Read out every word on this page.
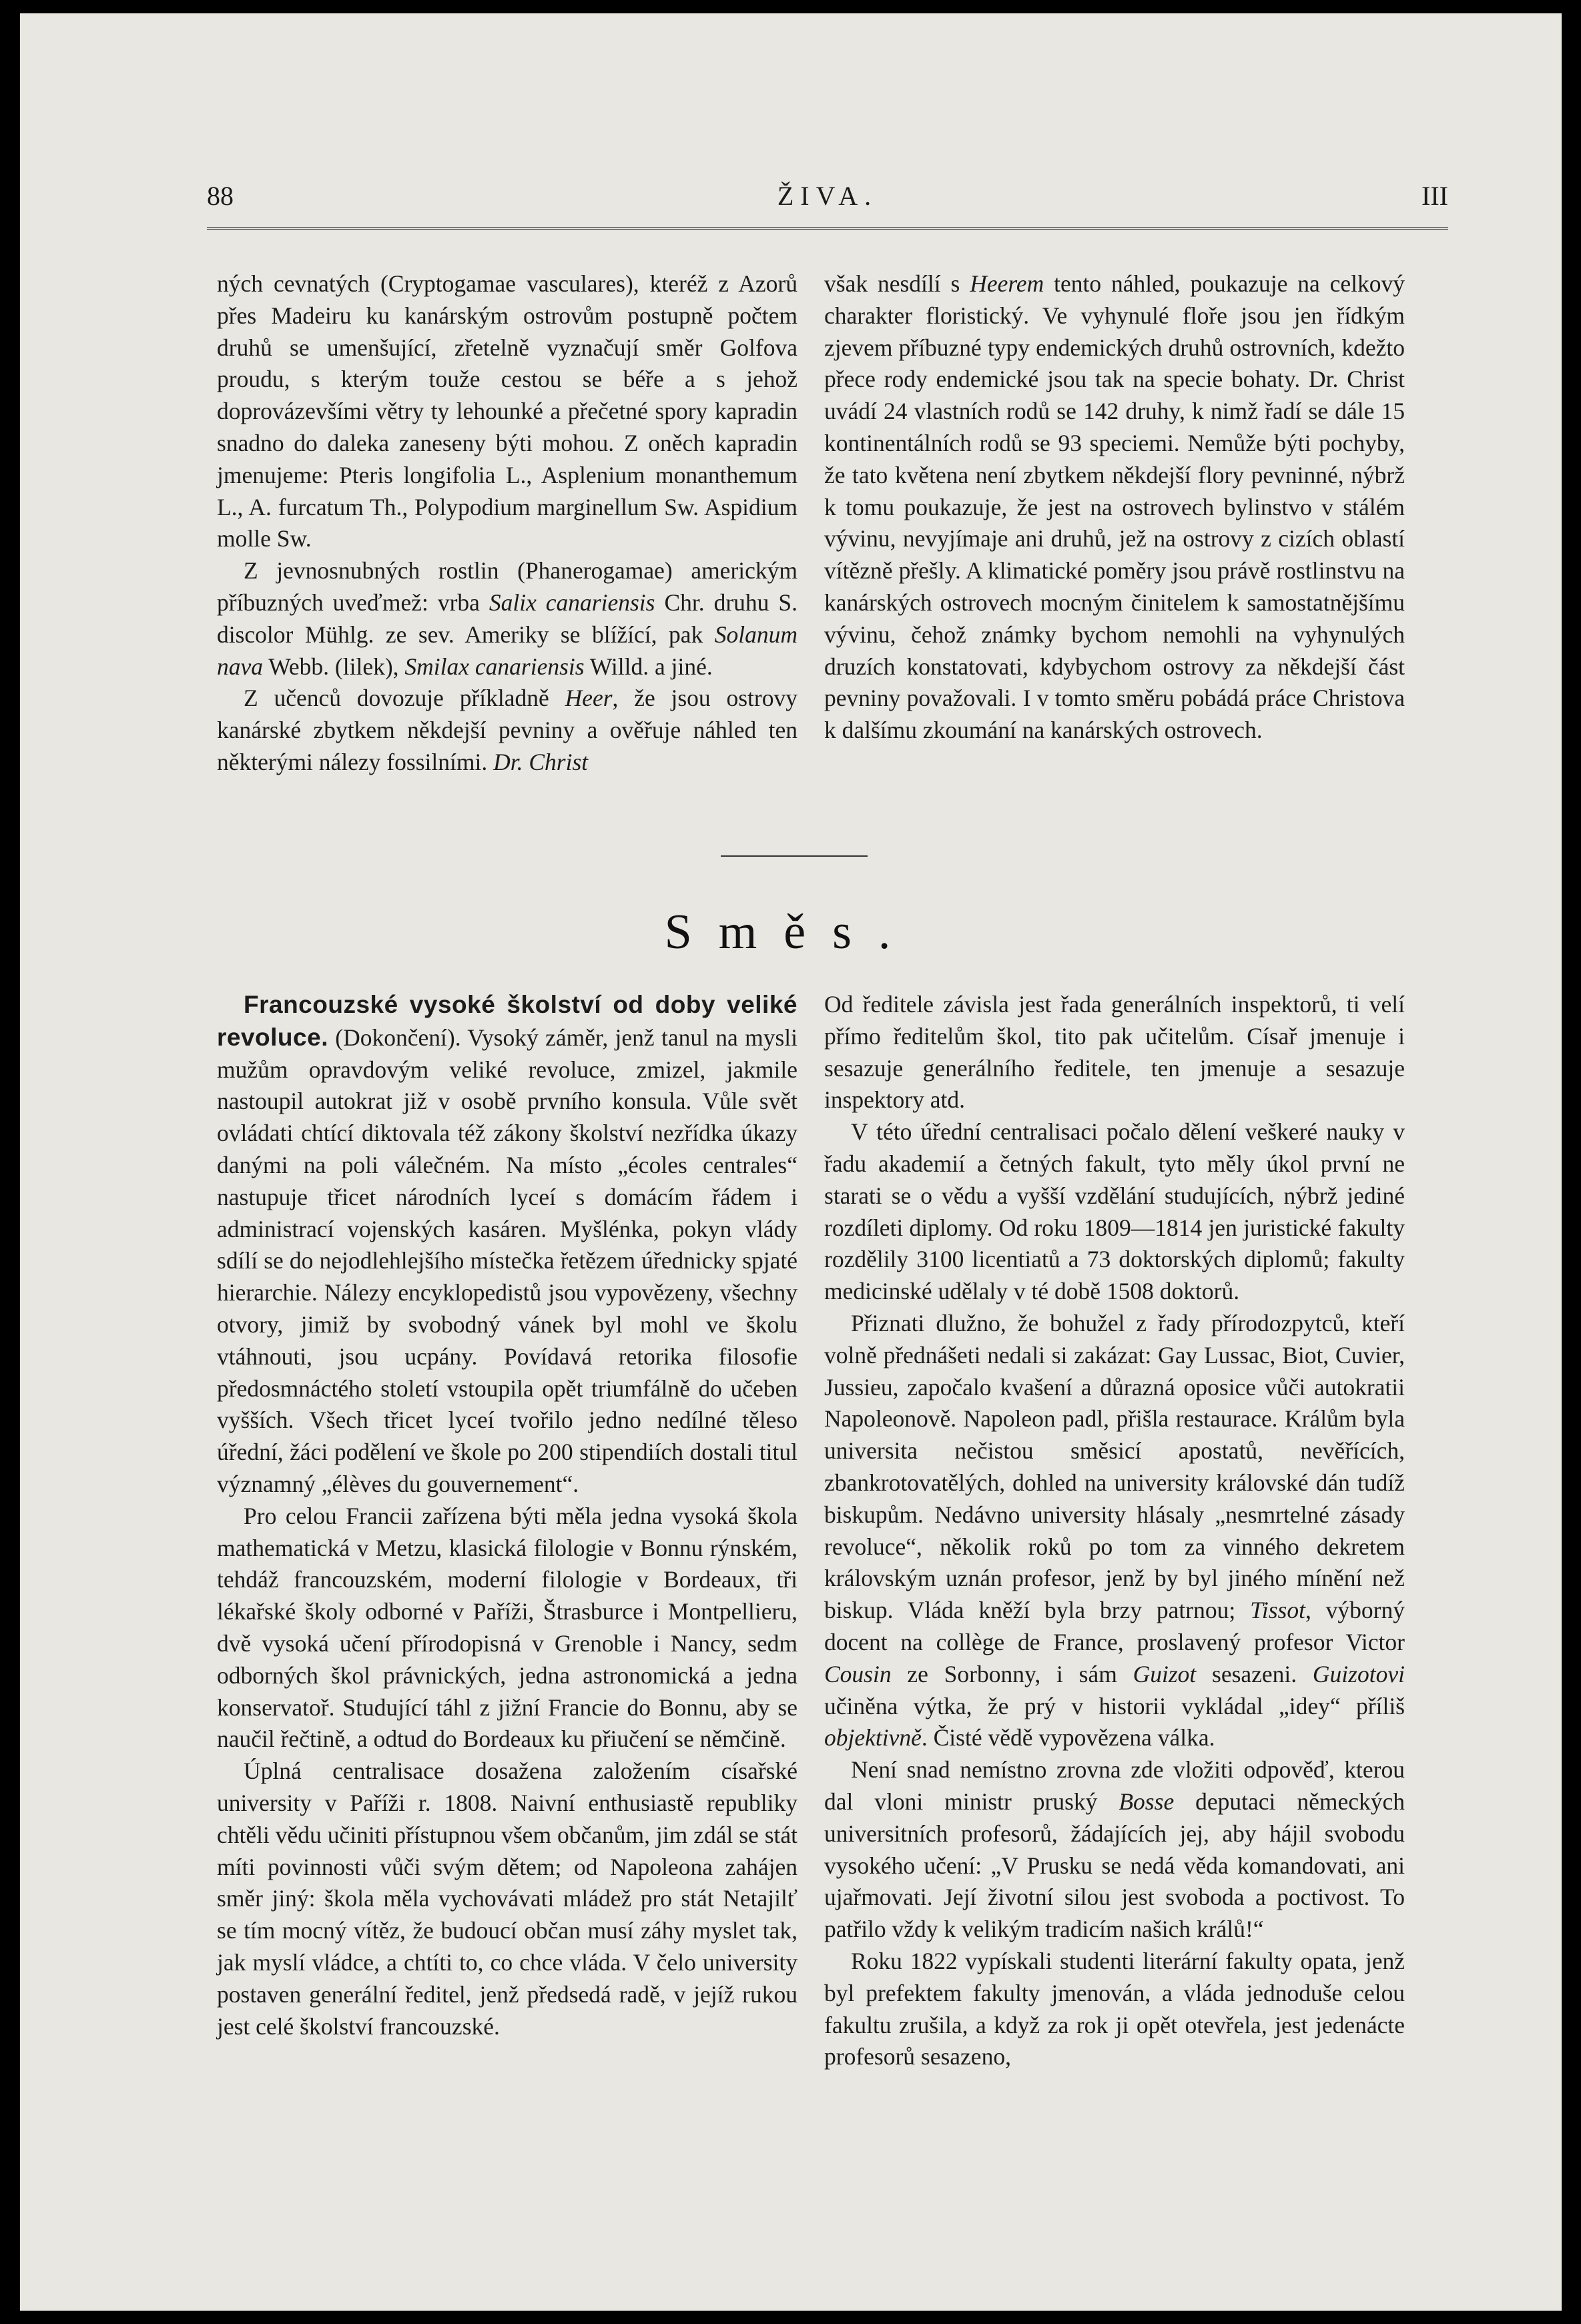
88	ŽIVA.	III

ných cevnatých (Cryptogamae vasculares), kteréž z Azorů přes Madeiru ku kanárským ostrovům postupně počtem druhů se umenšující, zřetelně vyznačují směr Golfova proudu, s kterým touže cestou se béře a s jehož doprovázevšími větry ty lehounké a přečetné spory kapradin snadno do daleka zaneseny býti mohou. Z oněch kapradin jmenujeme: Pteris longifolia L., Asplenium monanthemum L., A. furcatum Th., Polypodium marginellum Sw. Aspidium molle Sw.

Z jevnosnubných rostlin (Phanerogamae) americkým příbuzných uveďmež: vrba Salix canariensis Chr. druhu S. discolor Mühlg. ze sev. Ameriky se blížící, pak Solanum nava Webb. (lilek), Smilax canariensis Willd. a jiné.

Z učenců dovozuje příkladně Heer, že jsou ostrovy kanárské zbytkem někdejší pevniny a ověřuje náhled ten některými nálezy fossilními. Dr. Christ

však nesdílí s Heerem tento náhled, poukazuje na celkový charakter floristický. Ve vyhynulé floře jsou jen řídkým zjevem příbuzné typy endemických druhů ostrovních, kdežto přece rody endemické jsou tak na specie bohaty. Dr. Christ uvádí 24 vlastních rodů se 142 druhy, k nimž řadí se dále 15 kontinentálních rodů se 93 speciemi. Nemůže býti pochyby, že tato květena není zbytkem někdejší flory pevninné, nýbrž k tomu poukazuje, že jest na ostrovech bylinstvo v stálém vývinu, nevyjímaje ani druhů, jež na ostrovy z cizích oblastí vítězně přešly. A klimatické poměry jsou právě rostlinstvu na kanárských ostrovech mocným činitelem k samostatnějšímu vývinu, čehož známky bychom nemohli na vyhynulých druzích konstatovati, kdybychom ostrovy za někdejší část pevniny považovali. I v tomto směru pobádá práce Christova k dalšímu zkoumání na kanárských ostrovech.

Směs.

Francouzské vysoké školství od doby veliké revoluce. (Dokončení). Vysoký záměr, jenž tanul na mysli mužům opravdovým veliké revoluce, zmizel, jakmile nastoupil autokrat již v osobě prvního konsula. Vůle svět ovládati chtící diktovala též zákony školství nezřídka úkazy danými na poli válečném. Na místo „écoles centrales“ nastupuje třicet národních lyceí s domácím řádem i administrací vojenských kasáren. Myšlénka, pokyn vlády sdílí se do nejodlehlejšího místečka řetězem úřednicky spjaté hierarchie. Nálezy encyklopedistů jsou vypovězeny, všechny otvory, jimiž by svobodný vánek byl mohl ve školu vtáhnouti, jsou ucpány. Povídavá retorika filosofie předosmnáctého století vstoupila opět triumfálně do učeben vyšších. Všech třicet lyceí tvořilo jedno nedílné těleso úřední, žáci podělení ve škole po 200 stipendiích dostali titul významný „élèves du gouvernement“.

Pro celou Francii zařízena býti měla jedna vysoká škola mathematická v Metzu, klasická filologie v Bonnu rýnském, tehdáž francouzském, moderní filologie v Bordeaux, tři lékařské školy odborné v Paříži, Štrasburce i Montpellieru, dvě vysoká učení přírodopisná v Grenoble i Nancy, sedm odborných škol právnických, jedna astronomická a jedna konservatoř. Studující táhl z jižní Francie do Bonnu, aby se naučil řečtině, a odtud do Bordeaux ku přiučení se němčině.

Úplná centralisace dosažena založením císařské university v Paříži r. 1808. Naivní enthusiastě republiky chtěli vědu učiniti přístupnou všem občanům, jim zdál se stát míti povinnosti vůči svým dětem; od Napoleona zahájen směr jiný: škola měla vychovávati mládež pro stát Netajilť se tím mocný vítěz, že budoucí občan musí záhy myslet tak, jak myslí vládce, a chtíti to, co chce vláda. V čelo university postaven generální ředitel, jenž předsedá radě, v jejíž rukou jest celé školství francouzské.

Od ředitele závisla jest řada generálních inspektorů, ti velí přímo ředitelům škol, tito pak učitelům. Císař jmenuje i sesazuje generálního ředitele, ten jmenuje a sesazuje inspektory atd.

V této úřední centralisaci počalo dělení veškeré nauky v řadu akademií a četných fakult, tyto měly úkol první ne starati se o vědu a vyšší vzdělání studujících, nýbrž jediné rozdíleti diplomy. Od roku 1809—1814 jen juristické fakulty rozdělily 3100 licentiatů a 73 doktorských diplomů; fakulty medicinské udělaly v té době 1508 doktorů.

Přiznati dlužno, že bohužel z řady přírodozpytců, kteří volně přednášeti nedali si zakázat: Gay Lussac, Biot, Cuvier, Jussieu, započalo kvašení a důrazná oposice vůči autokratii Napoleonově. Napoleon padl, přišla restaurace. Králům byla universita nečistou směsicí apostatů, nevěřících, zbankrotovatělých, dohled na university královské dán tudíž biskupům. Nedávno university hlásaly „nesmrtelné zásady revoluce“, několik roků po tom za vinného dekretem královským uznán profesor, jenž by byl jiného mínění než biskup. Vláda kněží byla brzy patrnou; Tissot, výborný docent na collège de France, proslavený profesor Victor Cousin ze Sorbonny, i sám Guizot sesazeni. Guizotovi učiněna výtka, že prý v historii vykládal „idey“ příliš objektivně. Čisté vědě vypovězena válka.

Není snad nemístno zrovna zde vložiti odpověď, kterou dal vloni ministr pruský Bosse deputaci německých universitních profesorů, žádajících jej, aby hájil svobodu vysokého učení: „V Prusku se nedá věda komandovati, ani ujařmovati. Její životní silou jest svoboda a poctivost. To patřilo vždy k velikým tradicím našich králů!“

Roku 1822 vypískali studenti literární fakulty opata, jenž byl prefektem fakulty jmenován, a vláda jednoduše celou fakultu zrušila, a když za rok ji opět otevřela, jest jedenácte profesorů sesazeno,
